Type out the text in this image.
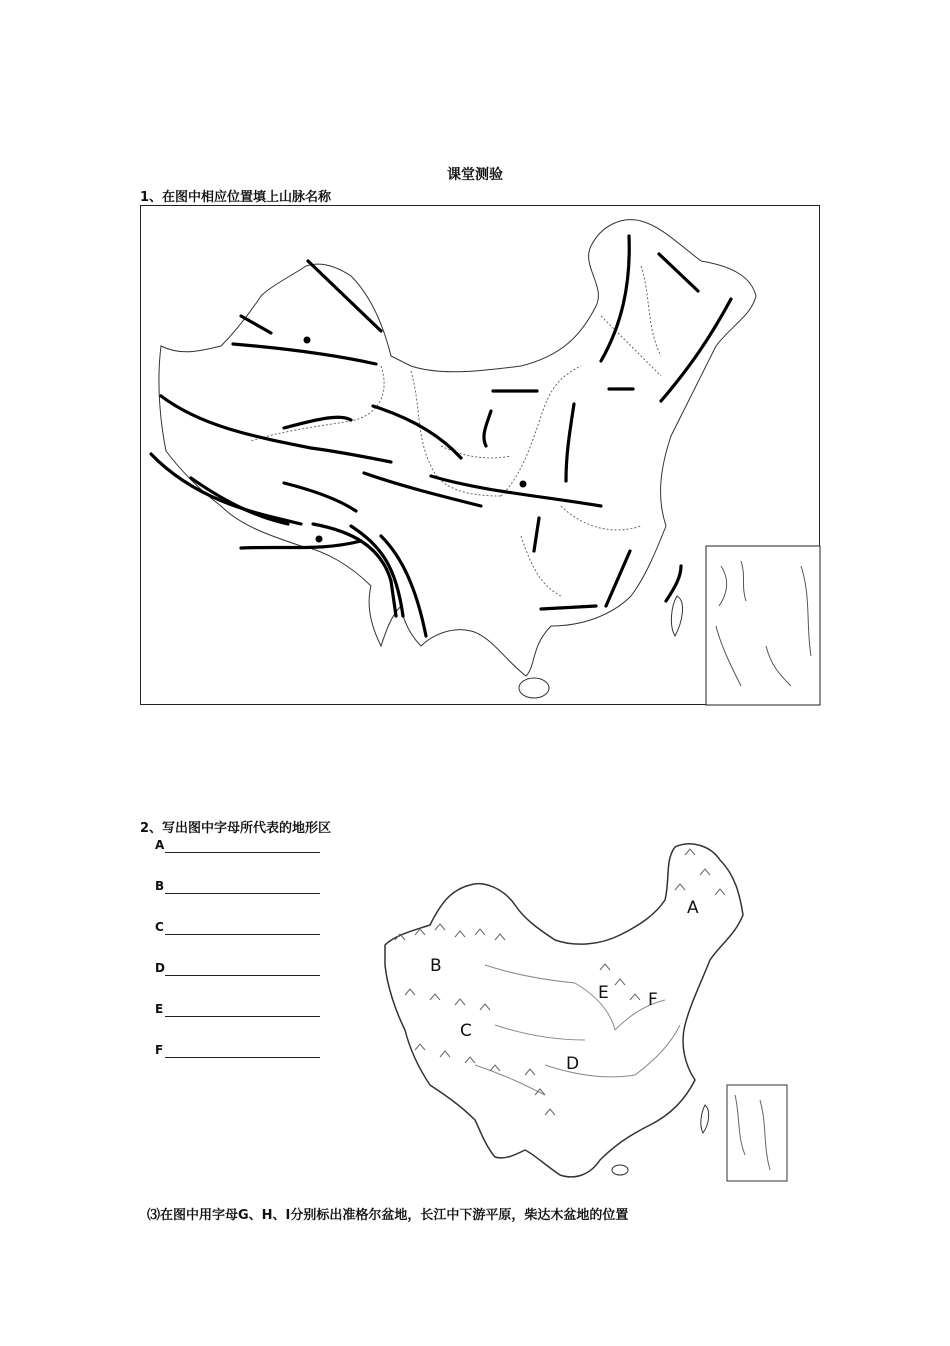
课堂测验
1、在图中相应位置填上山脉名称
2、写出图中字母所代表的地形区
A
B
C
D
E
F
A
B
C
D
E F
⑶在图中用字母G、H、I分别标出准格尔盆地，长江中下游平原，柴达木盆地的位置
